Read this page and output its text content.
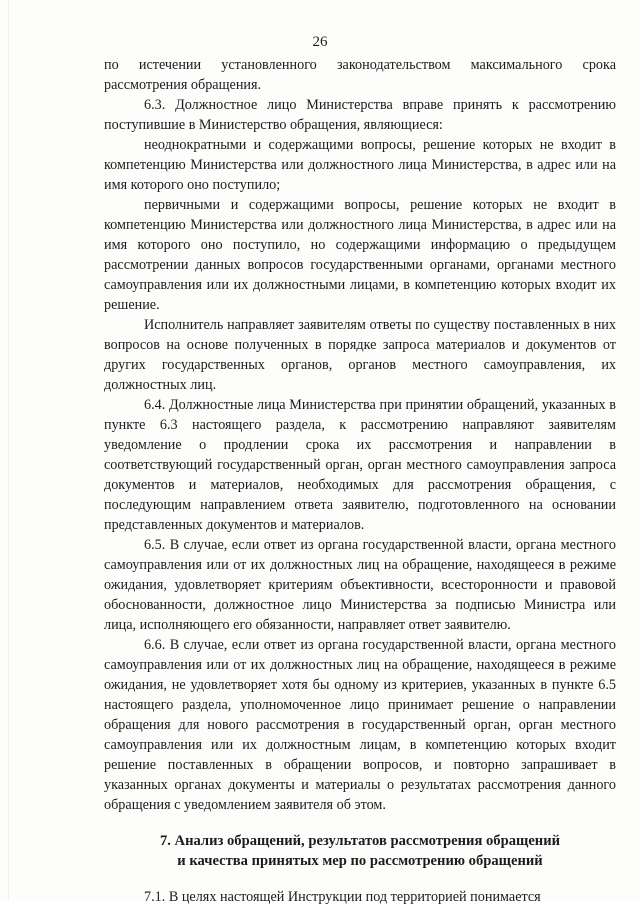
26

по истечении установленного законодательством максимального срока рассмотрения обращения.

6.3. Должностное лицо Министерства вправе принять к рассмотрению поступившие в Министерство обращения, являющиеся:

неоднократными и содержащими вопросы, решение которых не входит в компетенцию Министерства или должностного лица Министерства, в адрес или на имя которого оно поступило;

первичными и содержащими вопросы, решение которых не входит в компетенцию Министерства или должностного лица Министерства, в адрес или на имя которого оно поступило, но содержащими информацию о предыдущем рассмотрении данных вопросов государственными органами, органами местного самоуправления или их должностными лицами, в компетенцию которых входит их решение.

Исполнитель направляет заявителям ответы по существу поставленных в них вопросов на основе полученных в порядке запроса материалов и документов от других государственных органов, органов местного самоуправления, их должностных лиц.

6.4. Должностные лица Министерства при принятии обращений, указанных в пункте 6.3 настоящего раздела, к рассмотрению направляют заявителям уведомление о продлении срока их рассмотрения и направлении в соответствующий государственный орган, орган местного самоуправления запроса документов и материалов, необходимых для рассмотрения обращения, с последующим направлением ответа заявителю, подготовленного на основании представленных документов и материалов.

6.5. В случае, если ответ из органа государственной власти, органа местного самоуправления или от их должностных лиц на обращение, находящееся в режиме ожидания, удовлетворяет критериям объективности, всесторонности и правовой обоснованности, должностное лицо Министерства за подписью Министра или лица, исполняющего его обязанности, направляет ответ заявителю.

6.6. В случае, если ответ из органа государственной власти, органа местного самоуправления или от их должностных лиц на обращение, находящееся в режиме ожидания, не удовлетворяет хотя бы одному из критериев, указанных в пункте 6.5 настоящего раздела, уполномоченное лицо принимает решение о направлении обращения для нового рассмотрения в государственный орган, орган местного самоуправления или их должностным лицам, в компетенцию которых входит решение поставленных в обращении вопросов, и повторно запрашивает в указанных органах документы и материалы о результатах рассмотрения данного обращения с уведомлением заявителя об этом.

7. Анализ обращений, результатов рассмотрения обращений
и качества принятых мер по рассмотрению обращений

7.1. В целях настоящей Инструкции под территорией понимается
